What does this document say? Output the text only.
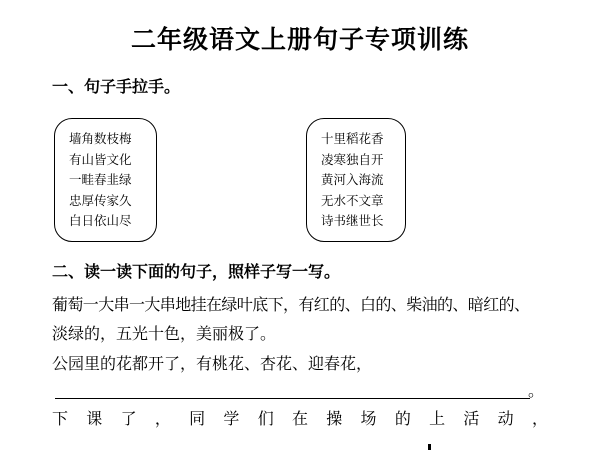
二年级语文上册句子专项训练
一、句子手拉手。
墙角数枝梅
有山皆文化
一畦春韭绿
忠厚传家久
白日依山尽
十里稻花香
凌寒独自开
黄河入海流
无水不文章
诗书继世长
二、读一读下面的句子，照样子写一写。
葡萄一大串一大串地挂在绿叶底下，有红的、白的、柴油的、暗红的、
淡绿的，五光十色，美丽极了。
公园里的花都开了，有桃花、杏花、迎春花，
。
下 课 了 ， 同 学 们 在 操 场 的 上 活 动 ，
